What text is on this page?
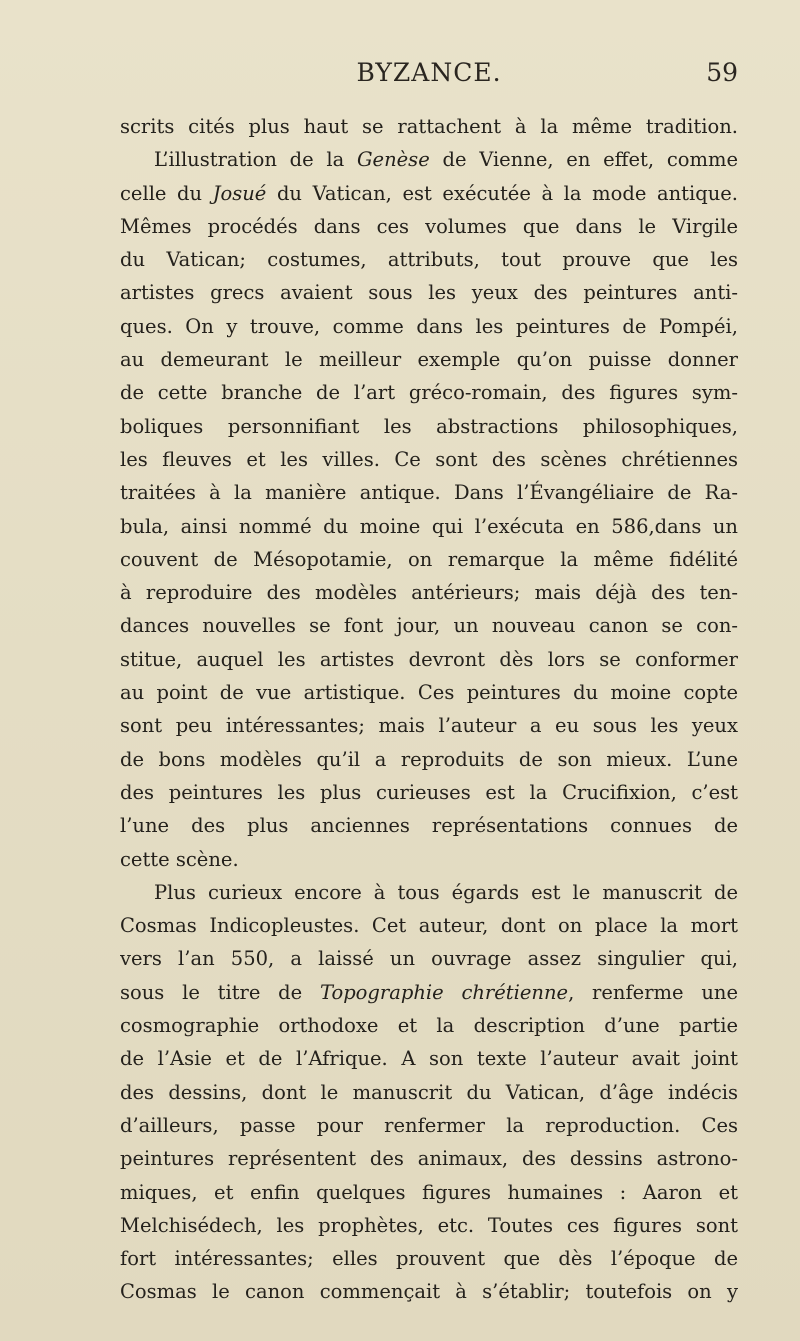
BYZANCE.	59
scrits cités plus haut se rattachent à la même tradition.
L’illustration de la Genèse de Vienne, en effet, comme
celle du Josué du Vatican, est exécutée à la mode antique.
Mêmes procédés dans ces volumes que dans le Virgile
du Vatican; costumes, attributs, tout prouve que les
artistes grecs avaient sous les yeux des peintures anti-
ques. On y trouve, comme dans les peintures de Pompéi,
au demeurant le meilleur exemple qu’on puisse donner
de cette branche de l’art gréco-romain, des figures sym-
boliques personnifiant les abstractions philosophiques,
les fleuves et les villes. Ce sont des scènes chrétiennes
traitées à la manière antique. Dans l’Évangéliaire de Ra-
bula, ainsi nommé du moine qui l’exécuta en 586,dans un
couvent de Mésopotamie, on remarque la même fidélité
à reproduire des modèles antérieurs; mais déjà des ten-
dances nouvelles se font jour, un nouveau canon se con-
stitue, auquel les artistes devront dès lors se conformer
au point de vue artistique. Ces peintures du moine copte
sont peu intéressantes; mais l’auteur a eu sous les yeux
de bons modèles qu’il a reproduits de son mieux. L’une
des peintures les plus curieuses est la Crucifixion, c’est
l’une des plus anciennes représentations connues de
cette scène.
Plus curieux encore à tous égards est le manuscrit de
Cosmas Indicopleustes. Cet auteur, dont on place la mort
vers l’an 550, a laissé un ouvrage assez singulier qui,
sous le titre de Topographie chrétienne, renferme une
cosmographie orthodoxe et la description d’une partie
de l’Asie et de l’Afrique. A son texte l’auteur avait joint
des dessins, dont le manuscrit du Vatican, d’âge indécis
d’ailleurs, passe pour renfermer la reproduction. Ces
peintures représentent des animaux, des dessins astrono-
miques, et enfin quelques figures humaines : Aaron et
Melchisédech, les prophètes, etc. Toutes ces figures sont
fort intéressantes; elles prouvent que dès l’époque de
Cosmas le canon commençait à s’établir; toutefois on y
